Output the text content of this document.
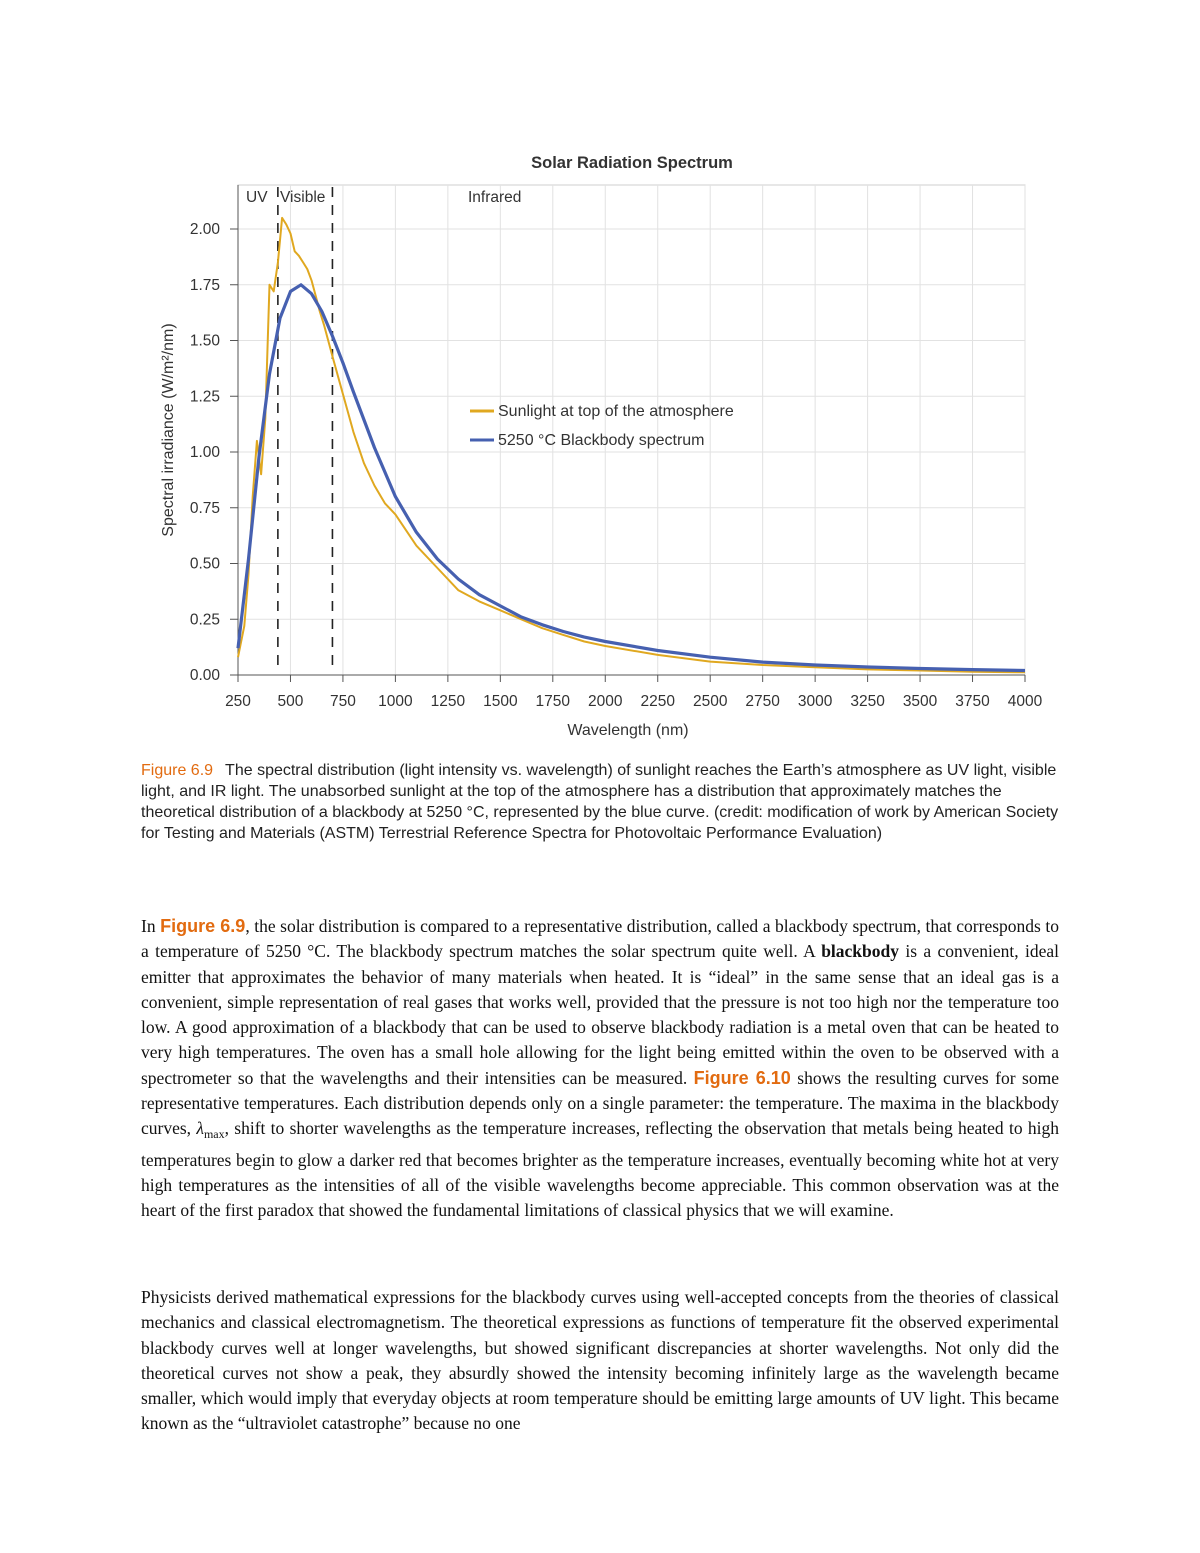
250 500 750 1000 1250 1500 1750 2000 2250 2500 2750 3000 3250 3500 3750 4000
0.00
0.25
0.50
0.75
1.00
1.25
1.50
1.75
2.00
Solar Radiation Spectrum
Wavelength (nm)
Spectral irradiance (W/m²/nm)
UV Visible	Infrared
Sunlight at top of the atmosphere
5250 °C Blackbody spectrum
Figure 6.9 The spectral distribution (light intensity vs. wavelength) of sunlight reaches the Earth’s atmosphere as UV light, visible light, and IR light. The unabsorbed sunlight at the top of the atmosphere has a distribution that approximately matches the theoretical distribution of a blackbody at 5250 °C, represented by the blue curve. (credit: modification of work by American Society for Testing and Materials (ASTM) Terrestrial Reference Spectra for Photovoltaic Performance Evaluation)

In Figure 6.9, the solar distribution is compared to a representative distribution, called a blackbody spectrum, that corresponds to a temperature of 5250 °C. The blackbody spectrum matches the solar spectrum quite well. A blackbody is a convenient, ideal emitter that approximates the behavior of many materials when heated. It is “ideal” in the same sense that an ideal gas is a convenient, simple representation of real gases that works well, provided that the pressure is not too high nor the temperature too low. A good approximation of a blackbody that can be used to observe blackbody radiation is a metal oven that can be heated to very high temperatures. The oven has a small hole allowing for the light being emitted within the oven to be observed with a spectrometer so that the wavelengths and their intensities can be measured. Figure 6.10 shows the resulting curves for some representative temperatures. Each distribution depends only on a single parameter: the temperature. The maxima in the blackbody curves, $\lambda_{max}$, shift to shorter wavelengths as the temperature increases, reflecting the observation that metals being heated to high temperatures begin to glow a darker red that becomes brighter as the temperature increases, eventually becoming white hot at very high temperatures as the intensities of all of the visible wavelengths become appreciable. This common observation was at the heart of the first paradox that showed the fundamental limitations of classical physics that we will examine.

Physicists derived mathematical expressions for the blackbody curves using well-accepted concepts from the theories of classical mechanics and classical electromagnetism. The theoretical expressions as functions of temperature fit the observed experimental blackbody curves well at longer wavelengths, but showed significant discrepancies at shorter wavelengths. Not only did the theoretical curves not show a peak, they absurdly showed the intensity becoming infinitely large as the wavelength became smaller, which would imply that everyday objects at room temperature should be emitting large amounts of UV light. This became known as the “ultraviolet catastrophe” because no one
